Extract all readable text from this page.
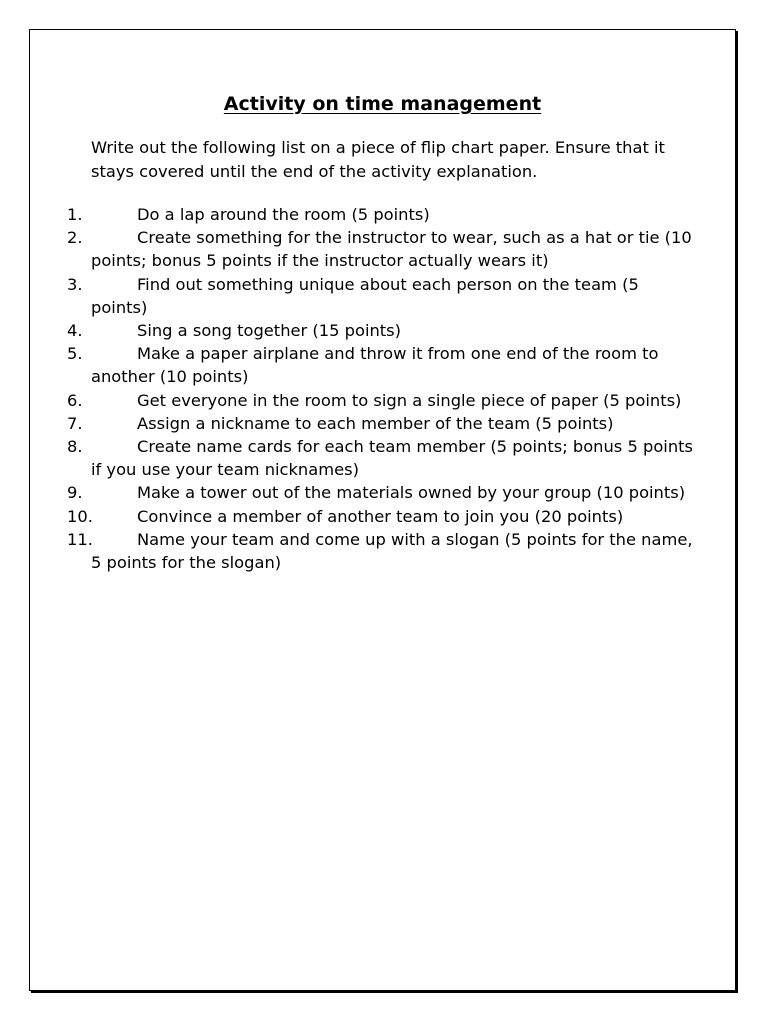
Activity on time management

Write out the following list on a piece of flip chart paper. Ensure that it stays covered until the end of the activity explanation.

1.	Do a lap around the room (5 points)
2.	Create something for the instructor to wear, such as a hat or tie (10 points; bonus 5 points if the instructor actually wears it)
3.	Find out something unique about each person on the team (5 points)
4.	Sing a song together (15 points)
5.	Make a paper airplane and throw it from one end of the room to another (10 points)
6.	Get everyone in the room to sign a single piece of paper (5 points)
7.	Assign a nickname to each member of the team (5 points)
8.	Create name cards for each team member (5 points; bonus 5 points if you use your team nicknames)
9.	Make a tower out of the materials owned by your group (10 points)
10.	Convince a member of another team to join you (20 points)
11.	Name your team and come up with a slogan (5 points for the name, 5 points for the slogan)
